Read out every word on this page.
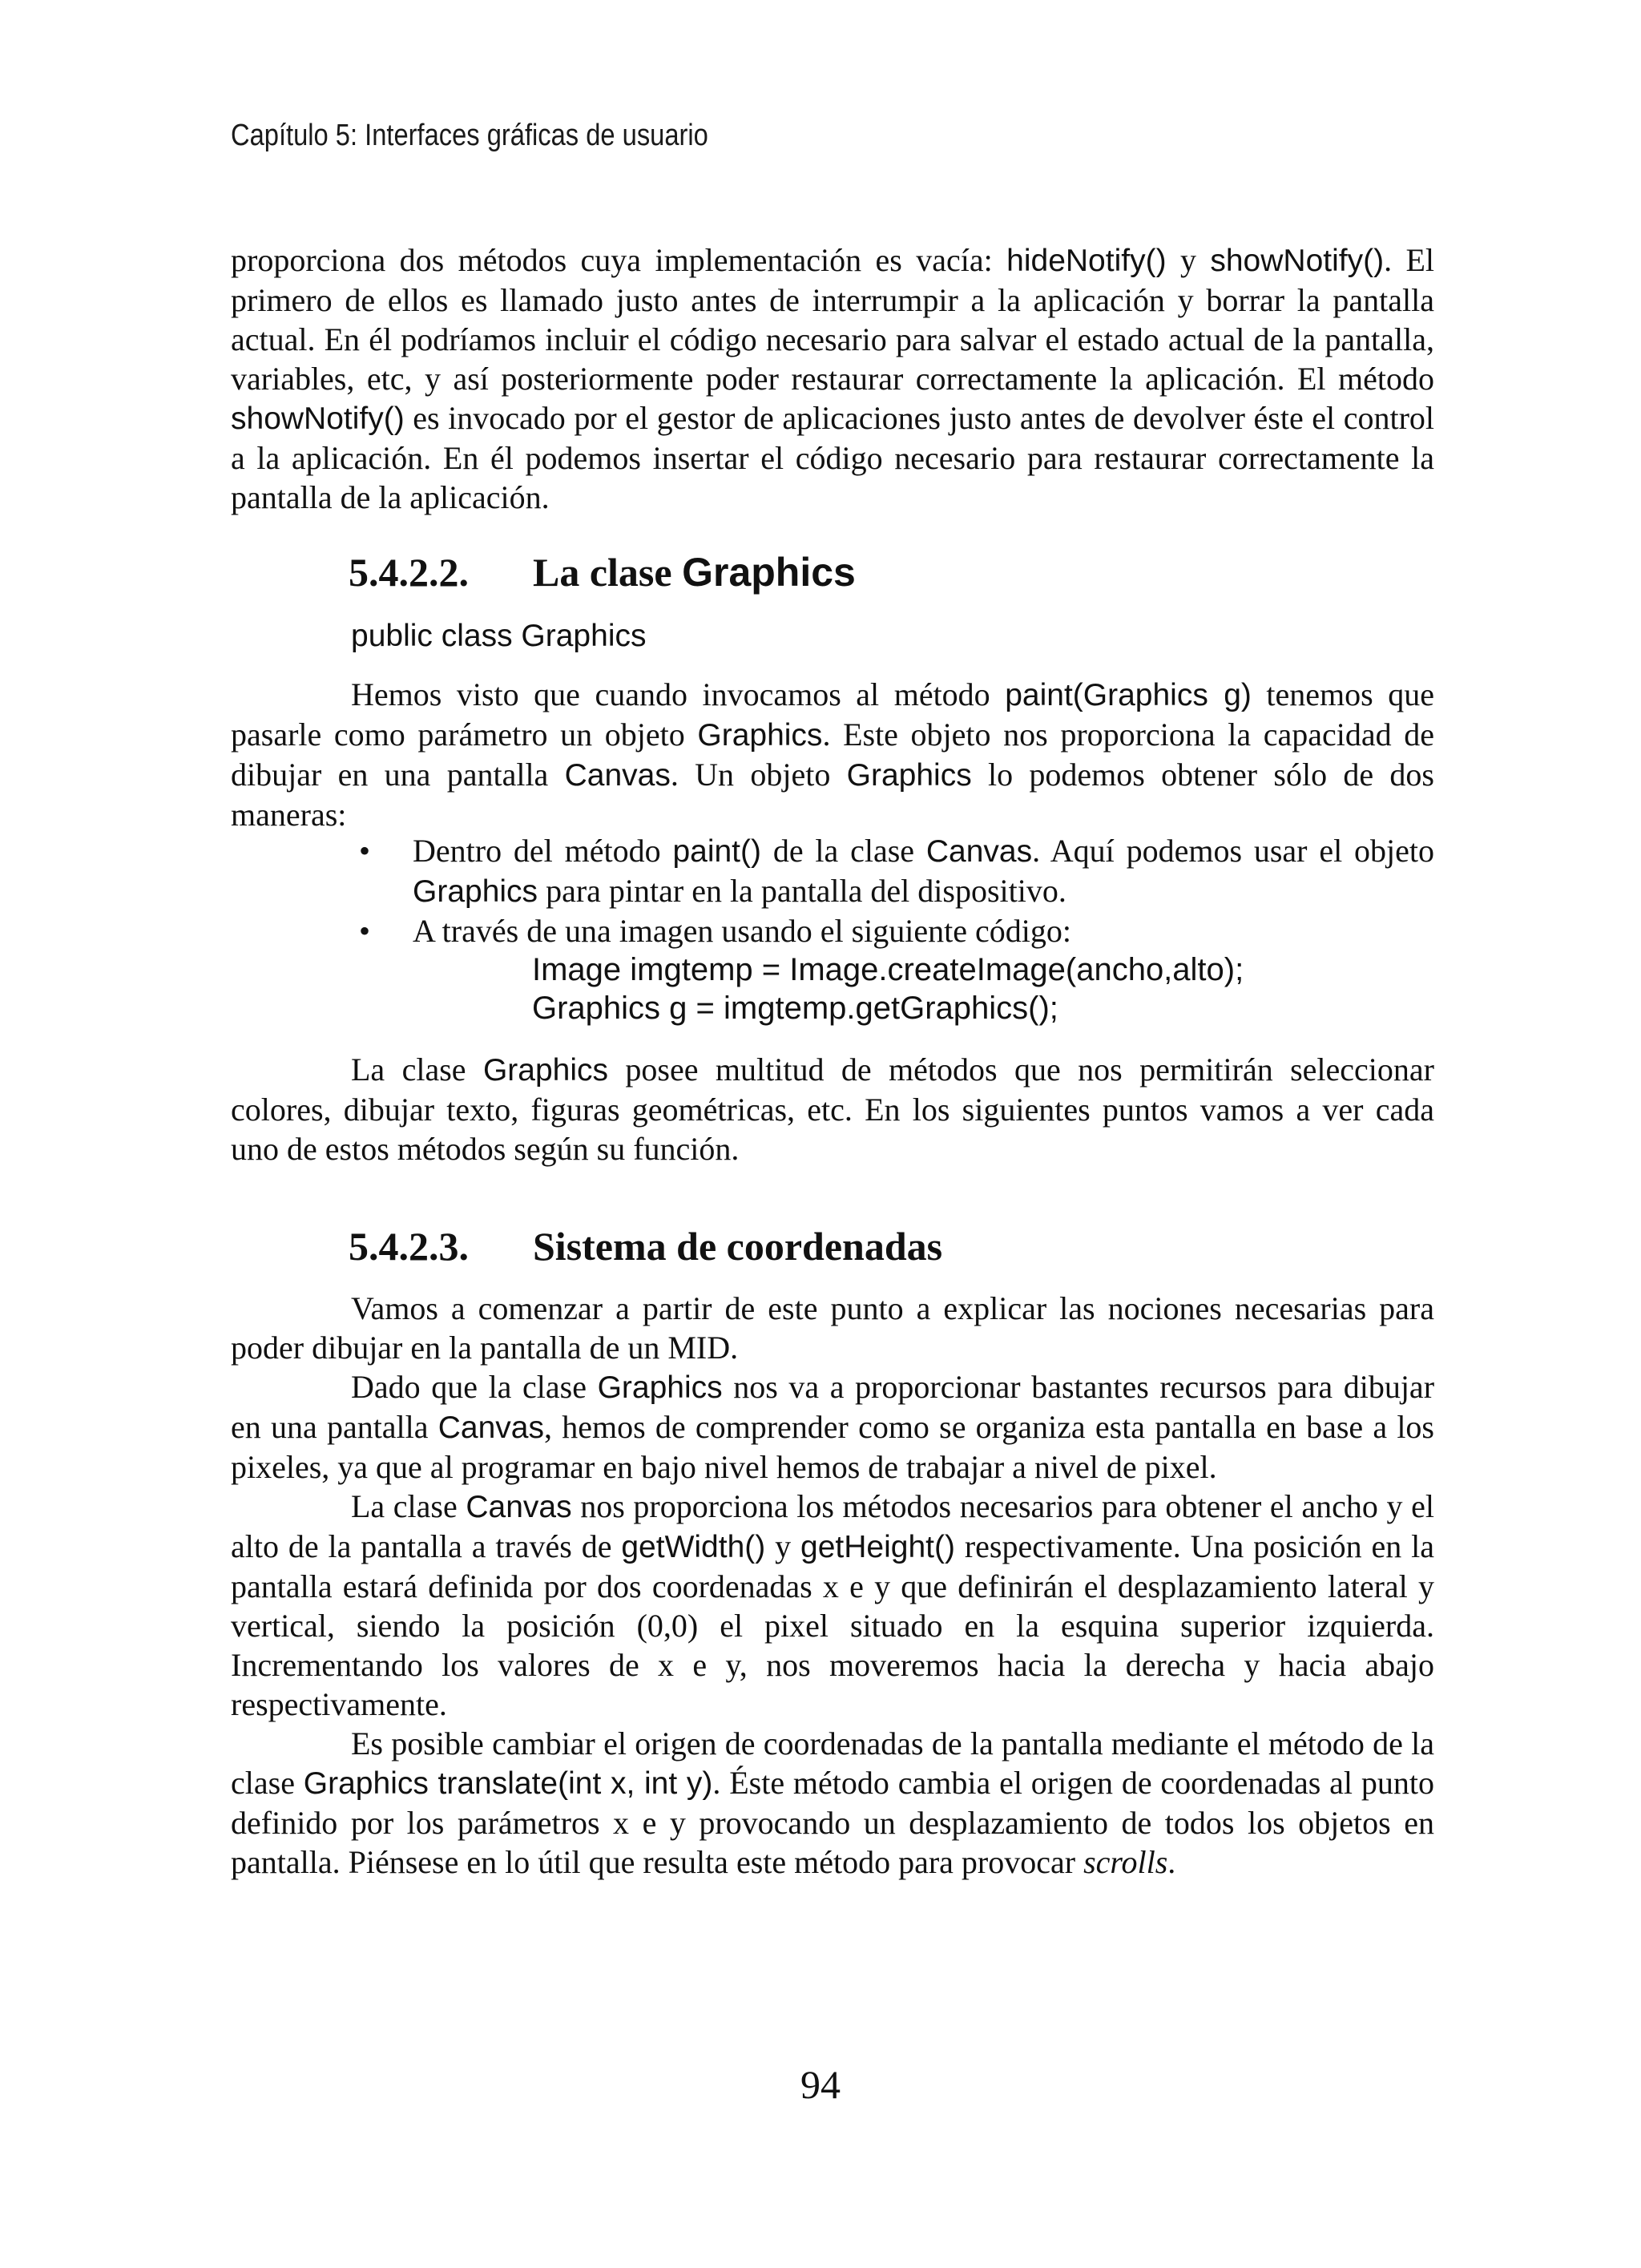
Capítulo 5: Interfaces gráficas de usuario

proporciona dos métodos cuya implementación es vacía: hideNotify() y showNotify(). El primero de ellos es llamado justo antes de interrumpir a la aplicación y borrar la pantalla actual. En él podríamos incluir el código necesario para salvar el estado actual de la pantalla, variables, etc, y así posteriormente poder restaurar correctamente la aplicación. El método showNotify() es invocado por el gestor de aplicaciones justo antes de devolver éste el control a la aplicación. En él podemos insertar el código necesario para restaurar correctamente la pantalla de la aplicación.

5.4.2.2. La clase Graphics
public class Graphics

Hemos visto que cuando invocamos al método paint(Graphics g) tenemos que pasarle como parámetro un objeto Graphics. Este objeto nos proporciona la capacidad de dibujar en una pantalla Canvas. Un objeto Graphics lo podemos obtener sólo de dos maneras:

•	Dentro del método paint() de la clase Canvas. Aquí podemos usar el objeto Graphics para pintar en la pantalla del dispositivo.
•	A través de una imagen usando el siguiente código:
Image imgtemp = Image.createImage(ancho,alto);
Graphics g = imgtemp.getGraphics();

La clase Graphics posee multitud de métodos que nos permitirán seleccionar colores, dibujar texto, figuras geométricas, etc. En los siguientes puntos vamos a ver cada uno de estos métodos según su función.

5.4.2.3. Sistema de coordenadas

Vamos a comenzar a partir de este punto a explicar las nociones necesarias para poder dibujar en la pantalla de un MID.

Dado que la clase Graphics nos va a proporcionar bastantes recursos para dibujar en una pantalla Canvas, hemos de comprender como se organiza esta pantalla en base a los pixeles, ya que al programar en bajo nivel hemos de trabajar a nivel de pixel.

La clase Canvas nos proporciona los métodos necesarios para obtener el ancho y el alto de la pantalla a través de getWidth() y getHeight() respectivamente. Una posición en la pantalla estará definida por dos coordenadas x e y que definirán el desplazamiento lateral y vertical, siendo la posición (0,0) el pixel situado en la esquina superior izquierda. Incrementando los valores de x e y, nos moveremos hacia la derecha y hacia abajo respectivamente.

Es posible cambiar el origen de coordenadas de la pantalla mediante el método de la clase Graphics translate(int x, int y). Éste método cambia el origen de coordenadas al punto definido por los parámetros x e y provocando un desplazamiento de todos los objetos en pantalla. Piénsese en lo útil que resulta este método para provocar scrolls.

94
